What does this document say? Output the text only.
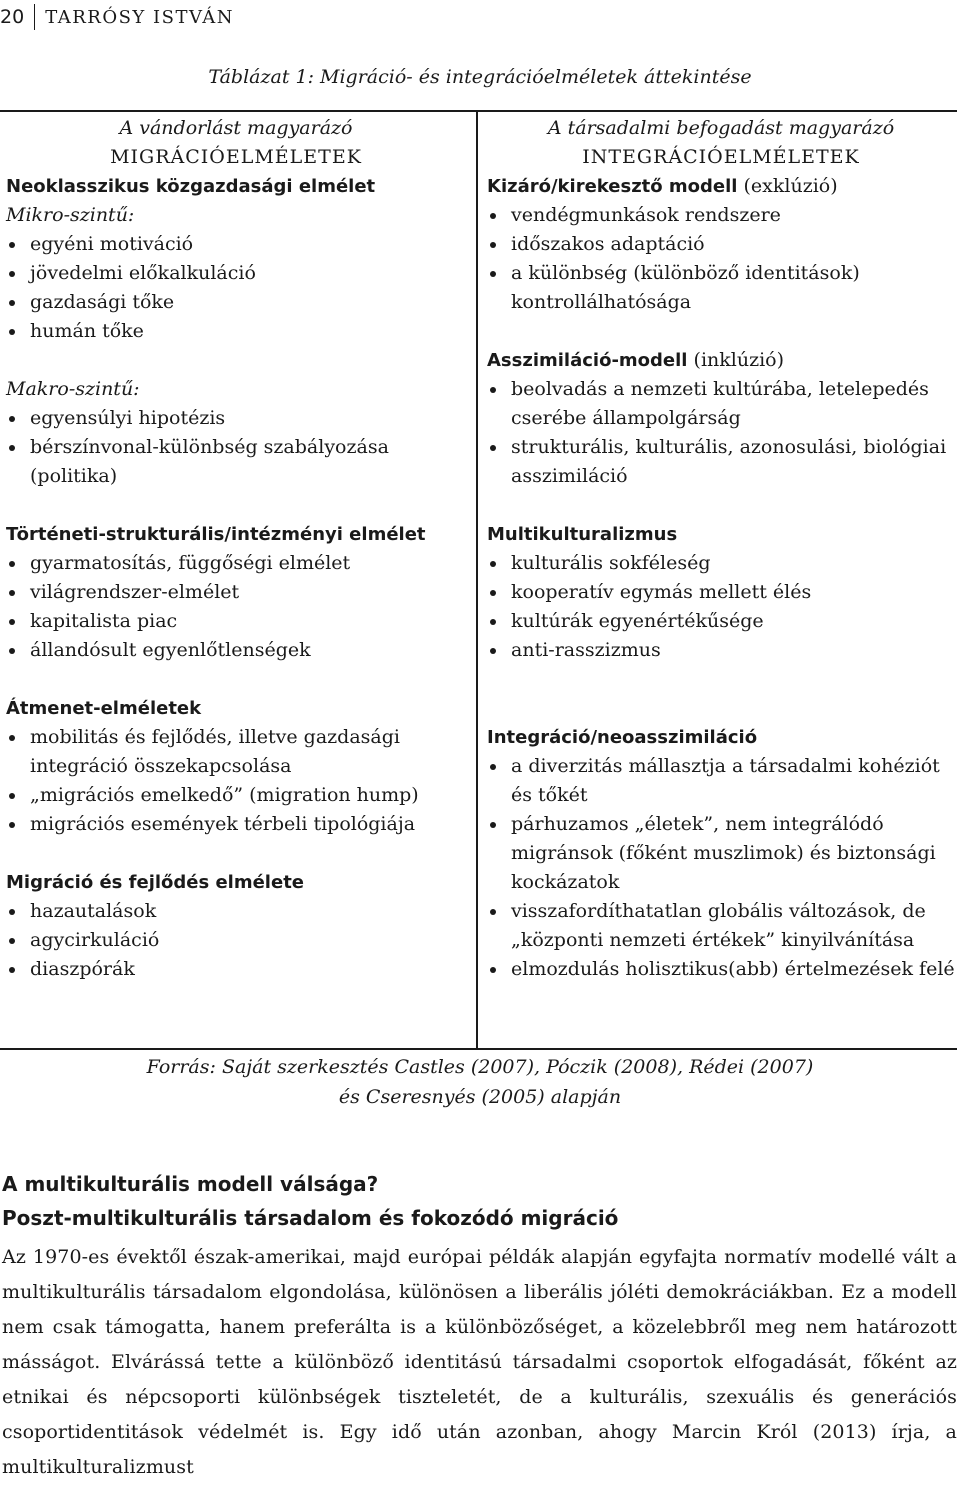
20	TARRÓSY ISTVÁN
Táblázat 1: Migráció- és integrációelméletek áttekintése
A vándorlást magyarázó
MIGRÁCIÓELMÉLETEK
Neoklasszikus közgazdasági elmélet
Mikro-szintű:
egyéni motiváció
jövedelmi előkalkuláció
gazdasági tőke
humán tőke
Makro-szintű:
egyensúlyi hipotézis
bérszínvonal-különbség szabályozása (politika)
Történeti-strukturális/intézményi elmélet
gyarmatosítás, függőségi elmélet
világrendszer-elmélet
kapitalista piac
állandósult egyenlőtlenségek
Átmenet-elméletek
mobilitás és fejlődés, illetve gazdasági integráció összekapcsolása
„migrációs emelkedő” (migration hump)
migrációs események térbeli tipológiája
Migráció és fejlődés elmélete
hazautalások
agycirkuláció
diaszpórák
A társadalmi befogadást magyarázó
INTEGRÁCIÓELMÉLETEK
Kizáró/kirekesztő modell (exklúzió)
vendégmunkások rendszere
időszakos adaptáció
a különbség (különböző identitások) kontrollálhatósága
Asszimiláció-modell (inklúzió)
beolvadás a nemzeti kultúrába, letelepedés cserébe állampolgárság
strukturális, kulturális, azonosulási, biológiai asszimiláció
Multikulturalizmus
kulturális sokféleség
kooperatív egymás mellett élés
kultúrák egyenértékűsége
anti-rasszizmus
Integráció/neoasszimiláció
a diverzitás mállasztja a társadalmi kohéziót és tőkét
párhuzamos „életek”, nem integrálódó migránsok (főként muszlimok) és biztonsági kockázatok
visszafordíthatatlan globális változások, de „központi nemzeti értékek” kinyilvánítása
elmozdulás holisztikus(abb) értelmezések felé
Forrás: Saját szerkesztés Castles (2007), Póczik (2008), Rédei (2007)
és Cseresnyés (2005) alapján
A multikulturális modell válsága?
Poszt-multikulturális társadalom és fokozódó migráció
Az 1970-es évektől észak-amerikai, majd európai példák alapján egyfajta normatív modellé vált a multikulturális társadalom elgondolása, különösen a liberális jóléti demokráciákban. Ez a modell nem csak támogatta, hanem preferálta is a különbözőséget, a közelebbről meg nem határozott másságot. Elvárássá tette a különböző identitású társadalmi csoportok elfogadását, főként az etnikai és népcsoporti különbségek tiszteletét, de a kulturális, szexuális és generációs csoportidentitások védelmét is. Egy idő után azonban, ahogy Marcin Król (2013) írja, a multikulturalizmust
